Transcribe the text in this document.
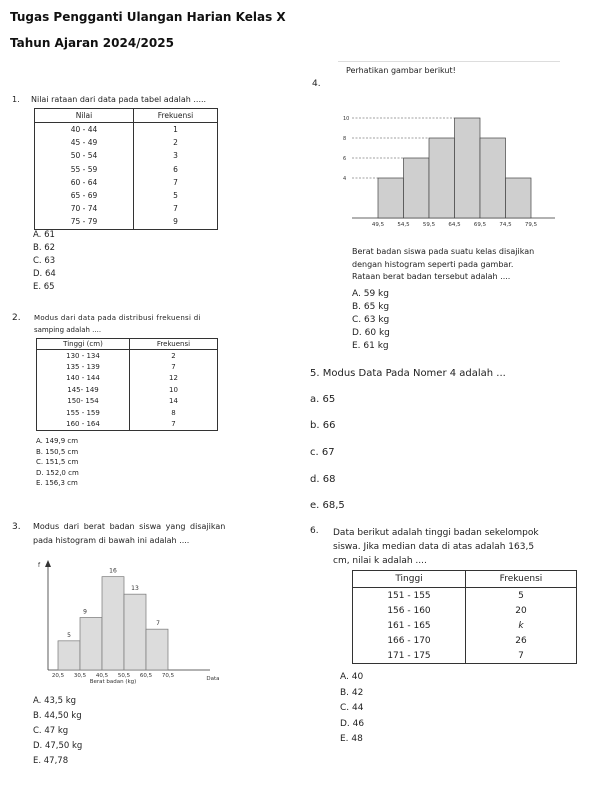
Tugas Pengganti Ulangan Harian Kelas X
Tahun Ajaran 2024/2025
1. Nilai rataan dari data pada tabel adalah .....
Nilai	Frekuensi
40 - 44	1
45 - 49	2
50 - 54	3
55 - 59	6
60 - 64	7
65 - 69	5
70 - 74	7
75 - 79	9
A. 61
B. 62
C. 63
D. 64
E. 65
2. Modus dari data pada distribusi frekuensi di
samping adalah ....
Tinggi (cm)	Frekuensi
130 - 134	2
135 - 139	7
140 - 144	12
145- 149	10
150- 154	14
155 - 159	8
160 - 164	7
A. 149,9 cm
B. 150,5 cm
C. 151,5 cm
D. 152,0 cm
E. 156,3 cm
3. Modus dari berat badan siswa yang disajikan
pada histogram di bawah ini adalah ....
f
5
9
16
13
7
20,5 30,5 40,5 50,5 60,5 70,5
Berat badan (kg)	Data
A. 43,5 kg
B. 44,50 kg
C. 47 kg
D. 47,50 kg
E. 47,78
Perhatikan gambar berikut!
4.
4
6
8
10
49,5 54,5 59,5 64,5 69,5 74,5 79,5
Berat badan siswa pada suatu kelas disajikan
dengan histogram seperti pada gambar.
Rataan berat badan tersebut adalah ....
A. 59 kg
B. 65 kg
C. 63 kg
D. 60 kg
E. 61 kg
5. Modus Data Pada Nomer 4 adalah ...
a. 65
b. 66
c. 67
d. 68
e. 68,5
6. Data berikut adalah tinggi badan sekelompok
siswa. Jika median data di atas adalah 163,5
cm, nilai k adalah ....
Tinggi	Frekuensi
151 - 155	5
156 - 160	20
161 - 165	k
166 - 170	26
171 - 175	7
A. 40
B. 42
C. 44
D. 46
E. 48
